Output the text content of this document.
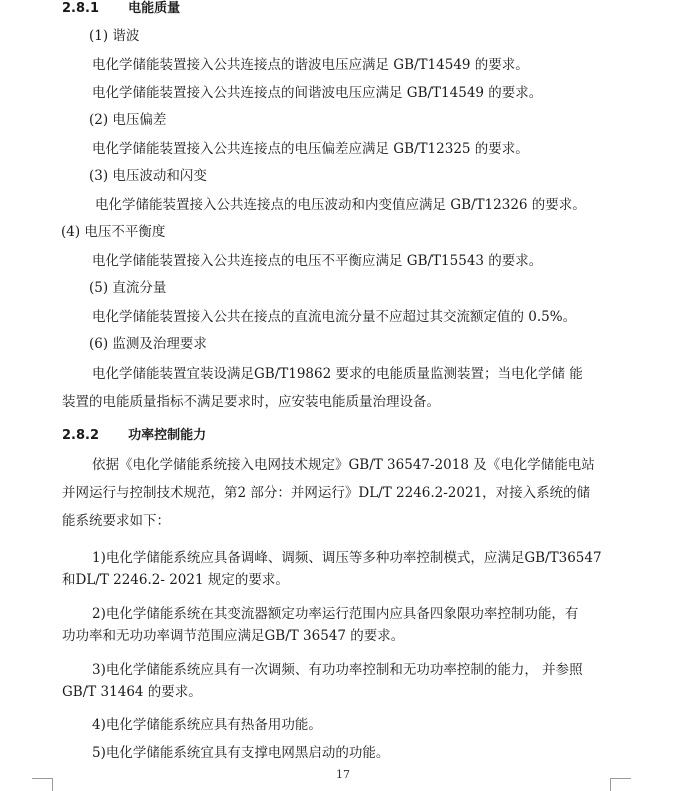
2.8.1 电能质量
(1) 谐波
电化学储能装置接入公共连接点的谐波电压应满足 GB/T14549 的要求。
电化学储能装置接入公共连接点的间谐波电压应满足 GB/T14549 的要求。
(2) 电压偏差
电化学储能装置接入公共连接点的电压偏差应满足 GB/T12325 的要求。
(3) 电压波动和闪变
电化学储能装置接入公共连接点的电压波动和内变值应满足 GB/T12326 的要求。
(4) 电压不平衡度
电化学储能装置接入公共连接点的电压不平衡应满足 GB/T15543 的要求。
(5) 直流分量
电化学储能装置接入公共在接点的直流电流分量不应超过其交流额定值的 0.5%。
(6) 监测及治理要求
电化学储能装置宜装设满足GB/T19862 要求的电能质量监测装置；当电化学储 能
装置的电能质量指标不满足要求时，应安装电能质量治理设备。
2.8.2 功率控制能力
依据《电化学储能系统接入电网技术规定》GB/T 36547-2018 及《电化学储能电站
并网运行与控制技术规范，第2 部分：并网运行》DL/T 2246.2-2021，对接入系统的储
能系统要求如下：
1)电化学储能系统应具备调峰、调频、调压等多种功率控制模式，应满足GB/T36547
和DL/T 2246.2- 2021 规定的要求。
2)电化学储能系统在其变流器额定功率运行范围内应具备四象限功率控制功能，有
功功率和无功功率调节范围应满足GB/T 36547 的要求。
3)电化学储能系统应具有一次调频、有功功率控制和无功功率控制的能力， 并参照
GB/T 31464 的要求。
4)电化学储能系统应具有热备用功能。
5)电化学储能系统宜具有支撑电网黑启动的功能。
17
